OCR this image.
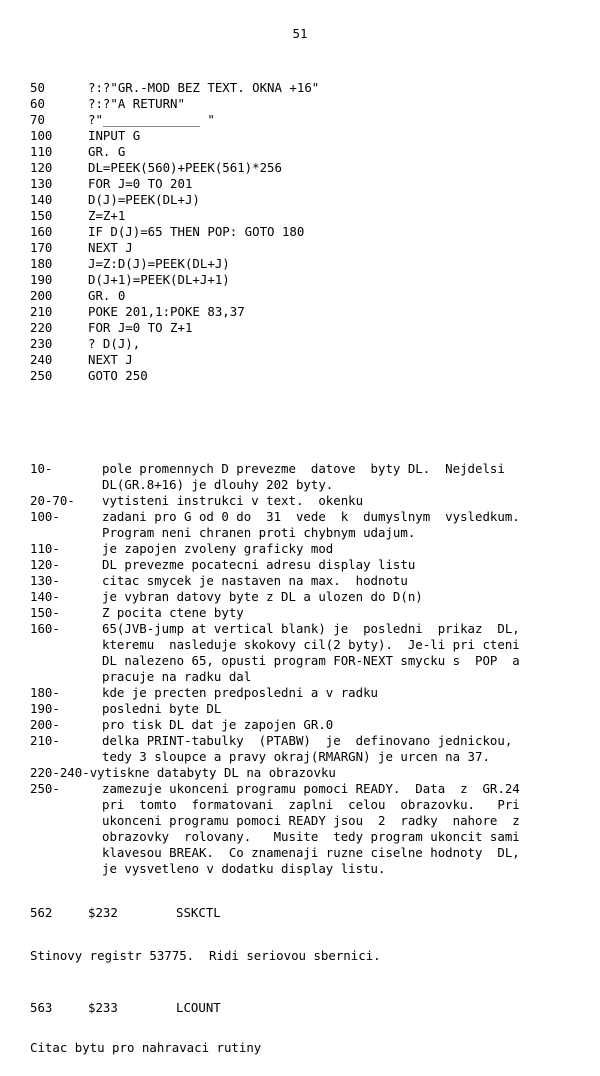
51
50	?:?"GR.-MOD BEZ TEXT. OKNA +16"
60	?:?"A RETURN"
70	?"_____________ "
100	INPUT G
110	GR. G
120	DL=PEEK(560)+PEEK(561)*256
130	FOR J=0 TO 201
140	D(J)=PEEK(DL+J)
150	Z=Z+1
160	IF D(J)=65 THEN POP: GOTO 180
170	NEXT J
180	J=Z:D(J)=PEEK(DL+J)
190	D(J+1)=PEEK(DL+J+1)
200	GR. 0
210	POKE 201,1:POKE 83,37
220	FOR J=0 TO Z+1
230	? D(J),
240	NEXT J
250	GOTO 250
10-	pole promennych D prevezme  datove  byty DL.  Nejdelsi
DL(GR.8+16) je dlouhy 202 byty.
20-70-	vytisteni instrukci v text.  okenku
100-	zadani pro G od 0 do  31  vede  k  dumyslnym  vysledkum.
Program neni chranen proti chybnym udajum.
110-	je zapojen zvoleny graficky mod
120-	DL prevezme pocatecni adresu display listu
130-	citac smycek je nastaven na max.  hodnotu
140-	je vybran datovy byte z DL a ulozen do D(n)
150-	Z pocita ctene byty
160-	65(JVB-jump at vertical blank) je  posledni  prikaz  DL,
kteremu  nasleduje skokovy cil(2 byty).  Je-li pri cteni
DL nalezeno 65, opusti program FOR-NEXT smycku s  POP  a
pracuje na radku dal
180-	kde je precten predposledni a v radku
190-	posledni byte DL
200-	pro tisk DL dat je zapojen GR.0
210-	delka PRINT-tabulky  (PTABW)  je  definovano jednickou,
tedy 3 sloupce a pravy okraj(RMARGN) je urcen na 37.
220-240- vytiskne databyty DL na obrazovku
250-	zamezuje ukonceni programu pomoci READY.  Data  z  GR.24
pri  tomto  formatovani  zaplni  celou  obrazovku.   Pri
ukonceni programu pomoci READY jsou  2  radky  nahore  z
obrazovky  rolovany.   Musite  tedy program ukoncit sami
klavesou BREAK.  Co znamenaji ruzne ciselne hodnoty  DL,
je vysvetleno v dodatku display listu.
562	$232	SSKCTL
Stinovy registr 53775.  Ridi seriovou sbernici.
563	$233	LCOUNT
Citac bytu pro nahravaci rutiny
